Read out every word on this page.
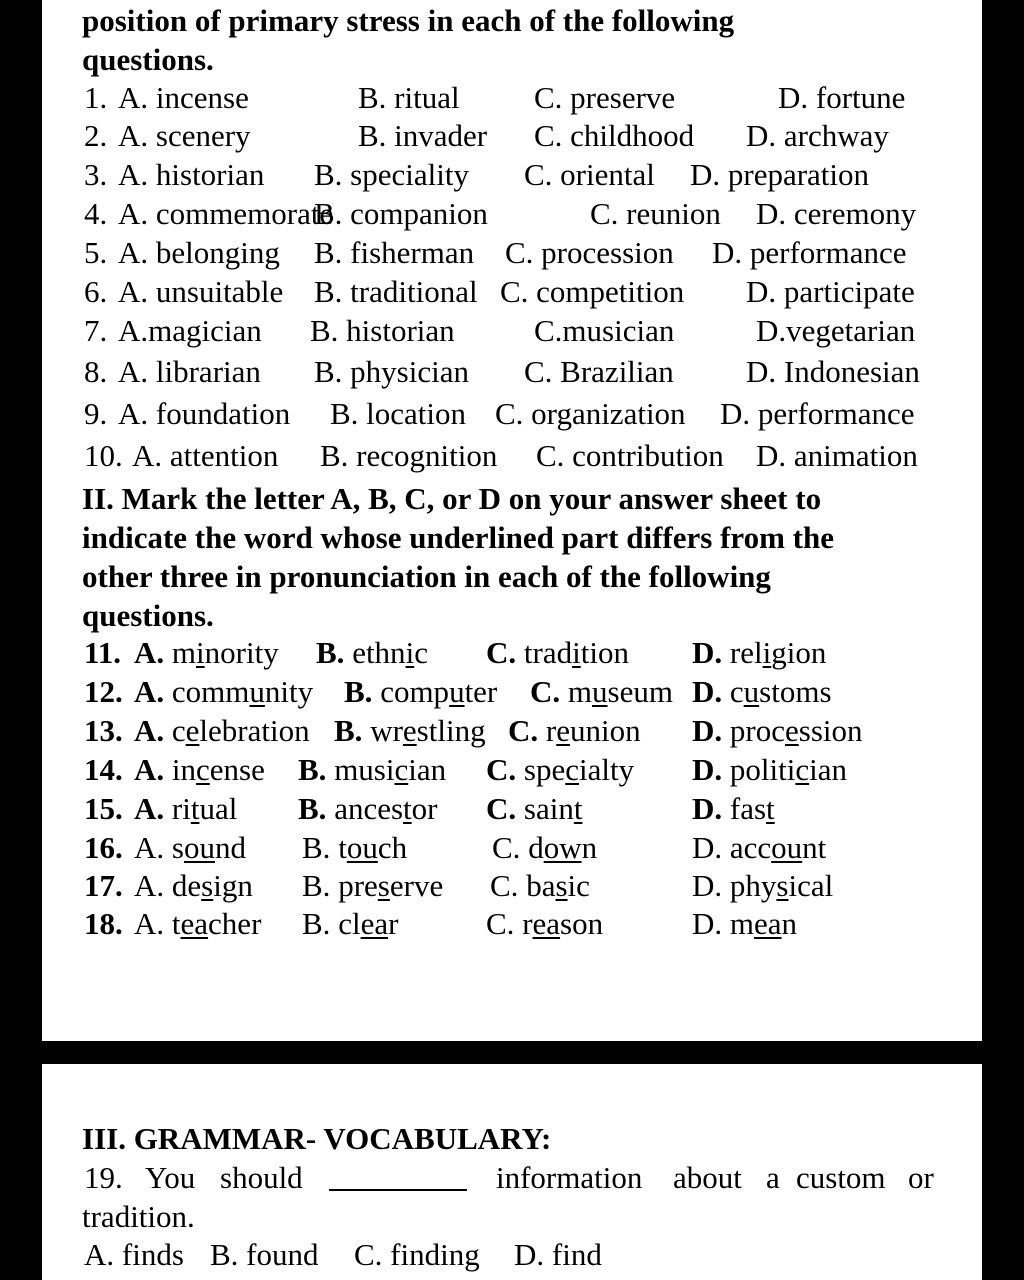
position of primary stress in each of the following
questions.
1. A. incense	B. ritual C. preserve	D. fortune
2. A. scenery	B. invader C. childhood D. archway
3. A. historian B. speciality C. oriental D. preparation
4. A. commemorate
B. companion	C. reunion D. ceremony
5. A. belonging B. fisherman C. procession D. performance
6. A. unsuitable B. traditional C. competition D. participate
7. A.magician B. historian	C.musician	D.vegetarian
8. A. librarian B. physician C. Brazilian D. Indonesian
9. A. foundation B. location C. organization D. performance
10. A. attention B. recognition C. contribution D. animation
II. Mark the letter A, B, C, or D on your answer sheet to
indicate the word whose underlined part differs from the
other three in pronunciation in each of the following
questions.
11. A. minority B. ethnic C. tradition D. religion
12. A. community B. computer C. museum D. customs
13. A. celebration B. wrestling C. reunion D. procession
14. A. incense B. musician C. specialty D. politician
15. A. ritual B. ancestor C. saint	D. fast
16. A. sound B. touch	C. down	D. account
17. A. design B. preserve C. basic	D. physical
18. A. teacher B. clear	C. reason	D. mean
III. GRAMMAR- VOCABULARY:
19. You should	information about a custom or
tradition.
A. finds B. found C. finding D. find
